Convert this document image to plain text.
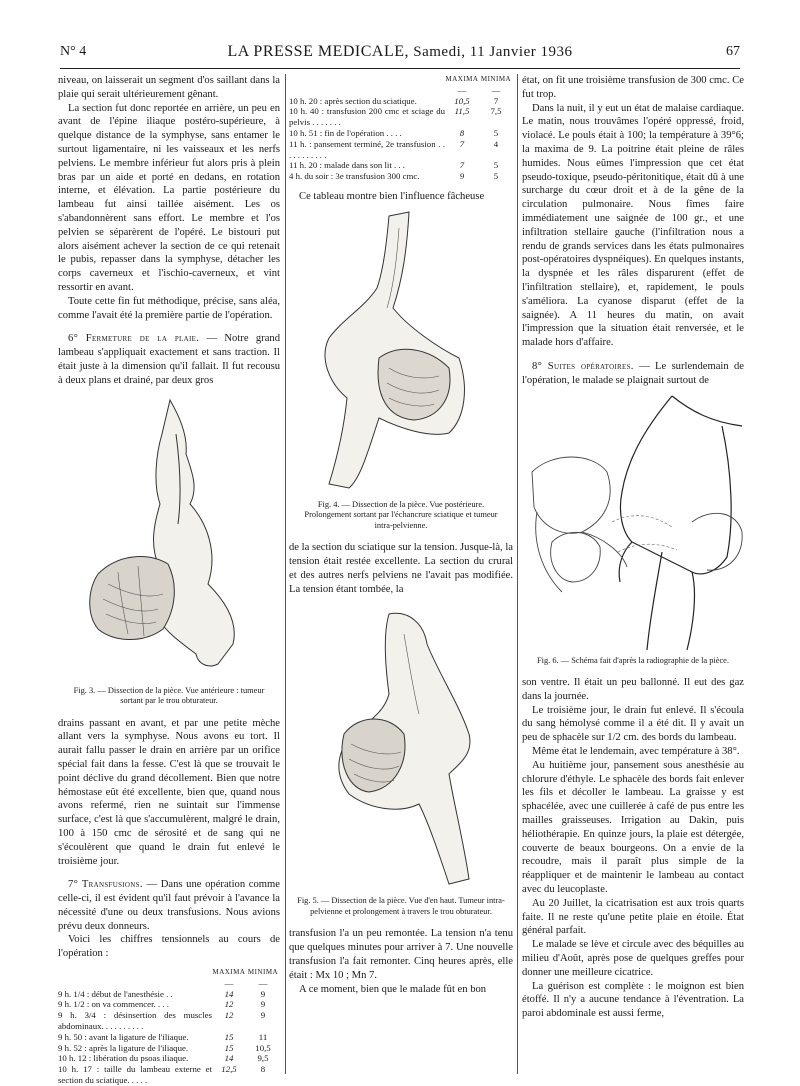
N° 4	LA PRESSE MEDICALE, Samedi, 11 Janvier 1936	67

niveau, on laisserait un segment d'os saillant dans la plaie qui serait ultérieurement gênant.

La section fut donc reportée en arrière, un peu en avant de l'épine iliaque postéro-supérieure, à quelque distance de la symphyse, sans entamer le surtout ligamentaire, ni les vaisseaux et les nerfs pelviens. Le membre inférieur fut alors pris à plein bras par un aide et porté en dedans, en rotation interne, et élévation. La partie postérieure du lambeau fut ainsi taillée aisément. Les os s'abandonnèrent sans effort. Le membre et l'os pelvien se séparèrent de l'opéré. Le bistouri put alors aisément achever la section de ce qui retenait le pubis, repasser dans la symphyse, détacher les corps caverneux et l'ischio-caverneux, et vint ressortir en avant.

Toute cette fin fut méthodique, précise, sans aléa, comme l'avait été la première partie de l'opération.

6° Fermeture de la plaie. — Notre grand lambeau s'appliquait exactement et sans traction. Il était juste à la dimension qu'il fallait. Il fut recousu à deux plans et drainé, par deux gros

Fig. 3. — Dissection de la pièce. Vue antérieure : tumeur sortant par le trou obturateur.

drains passant en avant, et par une petite mèche allant vers la symphyse. Nous avons eu tort. Il aurait fallu passer le drain en arrière par un orifice spécial fait dans la fesse. C'est là que se trouvait le point déclive du grand décollement. Bien que notre hémostase eût été excellente, bien que, quand nous avons refermé, rien ne suintait sur l'immense surface, c'est là que s'accumulèrent, malgré le drain, 100 à 150 cmc de sérosité et de sang qui ne s'écoulèrent que quand le drain fut enlevé le troisième jour.

7° Transfusions. — Dans une opération comme celle-ci, il est évident qu'il faut prévoir à l'avance la nécessité d'une ou deux transfusions. Nous avions prévu deux donneurs.

Voici les chiffres tensionnels au cours de l'opération :

	MAXIMA	MINIMA
	—	—
9 h. 1/4 : début de l'anesthésie . .	14	9
9 h. 1/2 : on va commencer. . . .	12	9
9 h. 3/4 : désinsertion des muscles abdominaux. . . . . . . . . .	12	9
9 h. 50 : avant la ligature de l'iliaque.	15	11
9 h. 52 : après la ligature de l'iliaque.	15	10,5
10 h. 12 : libération du psoas iliaque.	14	9,5
10 h. 17 : taille du lambeau externe et section du sciatique. . . . .	12,5	8
	MAXIMA	MINIMA
	—	—
10 h. 20 : après section du sciatique.	10,5	7
10 h. 40 : transfusion 200 cmc et sciage du pelvis . . . . . . .	11,5	7,5
10 h. 51 : fin de l'opération . . . .	8	5
11 h. : pansement terminé, 2e transfusion . . . . . . . . . . .	7	4
11 h. 20 : malade dans son lit . . .	7	5
4 h. du soir : 3e transfusion 300 cmc.	9	5

Ce tableau montre bien l'influence fâcheuse

Fig. 4. — Dissection de la pièce. Vue postérieure. Prolongement sortant par l'échancrure sciatique et tumeur intra-pelvienne.

de la section du sciatique sur la tension. Jusque-là, la tension était restée excellente. La section du crural et des autres nerfs pelviens ne l'avait pas modifiée. La tension étant tombée, la

Fig. 5. — Dissection de la pièce. Vue d'en haut. Tumeur intra-pelvienne et prolongement à travers le trou obturateur.

transfusion l'a un peu remontée. La tension n'a tenu que quelques minutes pour arriver à 7. Une nouvelle transfusion l'a fait remonter. Cinq heures après, elle était : Mx 10 ; Mn 7.

A ce moment, bien que le malade fût en bon

état, on fit une troisième transfusion de 300 cmc. Ce fut trop.

Dans la nuit, il y eut un état de malaise cardiaque. Le matin, nous trouvâmes l'opéré oppressé, froid, violacé. Le pouls était à 100; la température à 39°6; la maxima de 9. La poitrine était pleine de râles humides. Nous eûmes l'impression que cet état pseudo-toxique, pseudo-péritonitique, était dû à une surcharge du cœur droit et à de la gêne de la circulation pulmonaire. Nous fîmes faire immédiatement une saignée de 100 gr., et une infiltration stellaire gauche (l'infiltration nous a rendu de grands services dans les états pulmonaires post-opératoires dyspnéiques). En quelques instants, la dyspnée et les râles disparurent (effet de l'infiltration stellaire), et, rapidement, le pouls s'améliora. La cyanose disparut (effet de la saignée). A 11 heures du matin, on avait l'impression que la situation était renversée, et le malade hors d'affaire.

8° Suites opératoires. — Le surlendemain de l'opération, le malade se plaignait surtout de

Fig. 6. — Schéma fait d'après la radiographie de la pièce.

son ventre. Il était un peu ballonné. Il eut des gaz dans la journée.

Le troisième jour, le drain fut enlevé. Il s'écoula du sang hémolysé comme il a été dit. Il y avait un peu de sphacèle sur 1/2 cm. des bords du lambeau.

Même état le lendemain, avec température à 38°.

Au huitième jour, pansement sous anesthésie au chlorure d'éthyle. Le sphacèle des bords fait enlever les fils et décoller le lambeau. La graisse y est sphacélée, avec une cuillerée à café de pus entre les mailles graisseuses. Irrigation au Dakin, puis héliothérapie. En quinze jours, la plaie est détergée, couverte de beaux bourgeons. On a envie de la recoudre, mais il paraît plus simple de la réappliquer et de maintenir le lambeau au contact avec du leucoplaste.

Au 20 Juillet, la cicatrisation est aux trois quarts faite. Il ne reste qu'une petite plaie en étoile. État général parfait.

Le malade se lève et circule avec des béquilles au milieu d'Août, après pose de quelques greffes pour donner une meilleure cicatrice.

La guérison est complète : le moignon est bien étoffé. Il n'y a aucune tendance à l'éventration. La paroi abdominale est aussi ferme,
